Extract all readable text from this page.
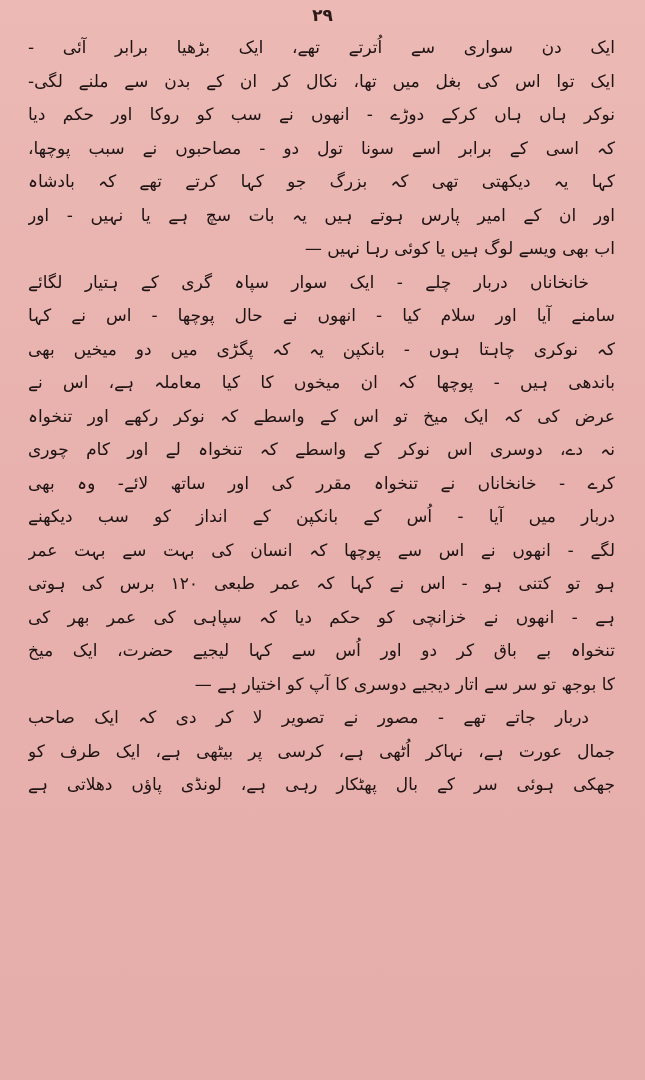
۲۹
ایک دن سواری سے اُترتے تھے، ایک بڑھیا برابر آئی -
ایک توا اس کی بغل میں تھا، نکال کر ان کے بدن سے ملنے لگی-
نوکر ہاں ہاں کرکے دوڑے - انھوں نے سب کو روکا اور حکم دیا
کہ اسی کے برابر اسے سونا تول دو - مصاحبوں نے سبب پوچھا،
کہا یہ دیکھتی تھی کہ بزرگ جو کہا کرتے تھے کہ بادشاہ
اور ان کے امیر پارس ہوتے ہیں یہ بات سچ ہے یا نہیں - اور
اب بھی ویسے لوگ ہیں یا کوئی رہا نہیں —
خانخاناں دربار چلے - ایک سوار سپاہ گری کے ہتیار لگائے
سامنے آیا اور سلام کیا - انھوں نے حال پوچھا - اس نے کہا
کہ نوکری چاہتا ہوں - بانکپن یہ کہ پگڑی میں دو میخیں بھی
باندھی ہیں - پوچھا کہ ان میخوں کا کیا معاملہ ہے، اس نے
عرض کی کہ ایک میخ تو اس کے واسطے کہ نوکر رکھے اور تنخواہ
نہ دے، دوسری اس نوکر کے واسطے کہ تنخواہ لے اور کام چوری
کرے - خانخاناں نے تنخواہ مقرر کی اور ساتھ لائے- وہ بھی
دربار میں آیا - اُس کے بانکپن کے انداز کو سب دیکھنے
لگے - انھوں نے اس سے پوچھا کہ انسان کی بہت سے بہت عمر
ہو تو کتنی ہو - اس نے کہا کہ عمر طبعی ۱۲۰ برس کی ہوتی
ہے - انھوں نے خزانچی کو حکم دیا کہ سپاہی کی عمر بھر کی
تنخواہ بے باق کر دو اور اُس سے کہا لیجیے حضرت، ایک میخ
کا بوجھ تو سر سے اتار دیجیے دوسری کا آپ کو اختیار ہے —
دربار جاتے تھے - مصور نے تصویر لا کر دی کہ ایک صاحب
جمال عورت ہے، نہاکر اُٹھی ہے، کرسی پر بیٹھی ہے، ایک طرف کو
جھکی ہوئی سر کے بال پھٹکار رہی ہے، لونڈی پاؤں دھلاتی ہے
